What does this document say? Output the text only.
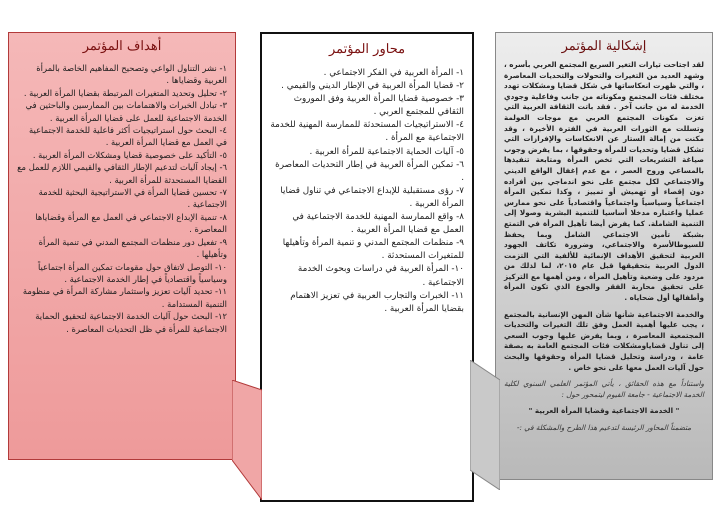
أهداف المؤتمر
١- نشر التناول الواعي وتصحيح المفاهيم الخاصة بالمرأة العربية وقضاياها .
٢- تحليل وتحديد المتغيرات المرتبطة بقضايا المرأة العربية .
٣- تبادل الخبرات والاهتمامات بين الممارسين والباحثين في الخدمة الاجتماعية للعمل على قضايا المرأة العربية .
٤- البحث حول استراتيجيات أكثر فاعلية للخدمة الاجتماعية في العمل مع قضايا المرأة العربية .
٥- التأكيد على خصوصية قضايا ومشكلات المرأة العربية .
٦- إيجاد آليات لتدعيم الإطار الثقافي والقيمي اللازم للعمل مع القضايا المستحدثة للمرأة العربية .
٧- تحسين قضايا المرأة في الاستراتيجية البحثية للخدمة الاجتماعية .
٨- تنمية الإبداع الاجتماعي في العمل مع المرأة وقضاياها المعاصرة .
٩- تفعيل دور منظمات المجتمع المدني في تنمية المرأة وتأهيلها .
١٠- التوصل لاتفاق حول مقومات تمكين المرأة اجتماعياً وسياسياً واقتصادياً في إطار الخدمة الاجتماعية .
١١- تحديد آليات تعزيز واستثمار مشاركة المرأة في منظومة التنمية المستدامة .
١٢- البحث حول آليات الخدمة الاجتماعية لتحقيق الحماية الاجتماعية للمرأة في ظل التحديات المعاصرة .
محاور المؤتمر
١- المرأة العربية في الفكر الاجتماعي .
٢- قضايا المرأة العربية في الإطار الديني والقيمي .
٣- خصوصية قضايا المرأة العربية وفق الموروث الثقافي للمجتمع العربي .
٤- الاستراتيجيات المستحدثة للممارسة المهنية للخدمة الاجتماعية مع المرأة .
٥- آليات الحماية الاجتماعية للمرأة العربية .
٦- تمكين المرأة العربية في إطار التحديات المعاصرة .
٧- رؤى مستقبلية للإبداع الاجتماعي في تناول قضايا المرأة العربية .
٨- واقع الممارسة المهنية للخدمة الاجتماعية في العمل مع قضايا المرأة العربية .
٩- منظمات المجتمع المدني و تنمية المرأة وتأهيلها للمتغيرات المستحدثة .
١٠- المرأة العربية في دراسات وبحوث الخدمة الاجتماعية .
١١- الخبرات والتجارب العربية في تعزيز الاهتمام بقضايا المرأة العربية .
إشكالية المؤتمر

لقد اجتاحت تيارات التغير السريع المجتمع العربي بأسره ، وشهد العديد من التغيرات والتحولات والتحديات المعاصرة ، والتي ظهرت انعكاساتها في شكل قضايا ومشكلات تهدد مختلف فئات المجتمع ومكوناته من جانب وفاعلية وجودي الخدمة له من جانب آخر . فقد باتت الثقافة العربية التي تغزت مكونات المجتمع العربي مع موجات العولمة وتسللت مع الثورات العربية في الفترة الأخيرة ، وقد مكنت من إمالة الستار عن الانعكاسات والإفرازات التي تشكل قضايا وتحديات للمرأة وحقوقها ، بما يفرض وجوب صياغة التشريعات التي تخص المرأة ومتابعة تنفيذها بالمساعي وروح العصر ، مع عدم إغفال الواقع الديني والاجتماعي لكل مجتمع على نحو اندماجي بين أفراده دون إقصاء أو تهميش أو تمييز ، وكذا تمكين المرأة اجتماعياً وسياسياً واجتماعياً واقتصادياً على نحو ممارس عمليا واعتباره مدخلا أساسيا للتنمية البشرية وصولا إلى التنمية الشاملة. كما يفرض أيضا تأهيل المرأة في التمتع بشبكة تأمين الاجتماعي الشامل وبما يحفظ للسيوطالأسرة والاجتماعي، وضرورة تكاتف الجهود العربية لتحقيق الأهداف الإنمائية للألفية التي التزمت الدول العربية بتحقيقها قبل عام ٢٠١٥، لما لذلك من مردود على وضعية وتأهيل المرأة ، ومن أهمها مع التركيز على تحقيق محاربة الفقر والجوع الذي تكون المرأة وأطفالها أول ضحاياه .

والخدمة الاجتماعية شأنها شأن المهن الإنسانية بالمجتمع ، يجب عليها أهمية العمل وفق تلك التغيرات والتحديات المجتمعية المعاصرة ، وبما يفرض عليها وجوب السعي إلى تناول قضاياومشكلات فئات المجتمع العامة به بصفة عامة ، ودراسة وتحليل قضايا المرأة وحقوقها والبحث حول آليات العمل معها على نحو خاص .

واستناداً مع هذه الحقائق ، يأتي المؤتمر العلمي السنوي لكلية الخدمة الاجتماعية - جامعة الفيوم ليتمحور حول :

" الخدمة الاجتماعية وقضايا المرأة العربية "

متضمناً المحاور الرئيسة لتدعيم هذا الطرح والمشكلة في :-
